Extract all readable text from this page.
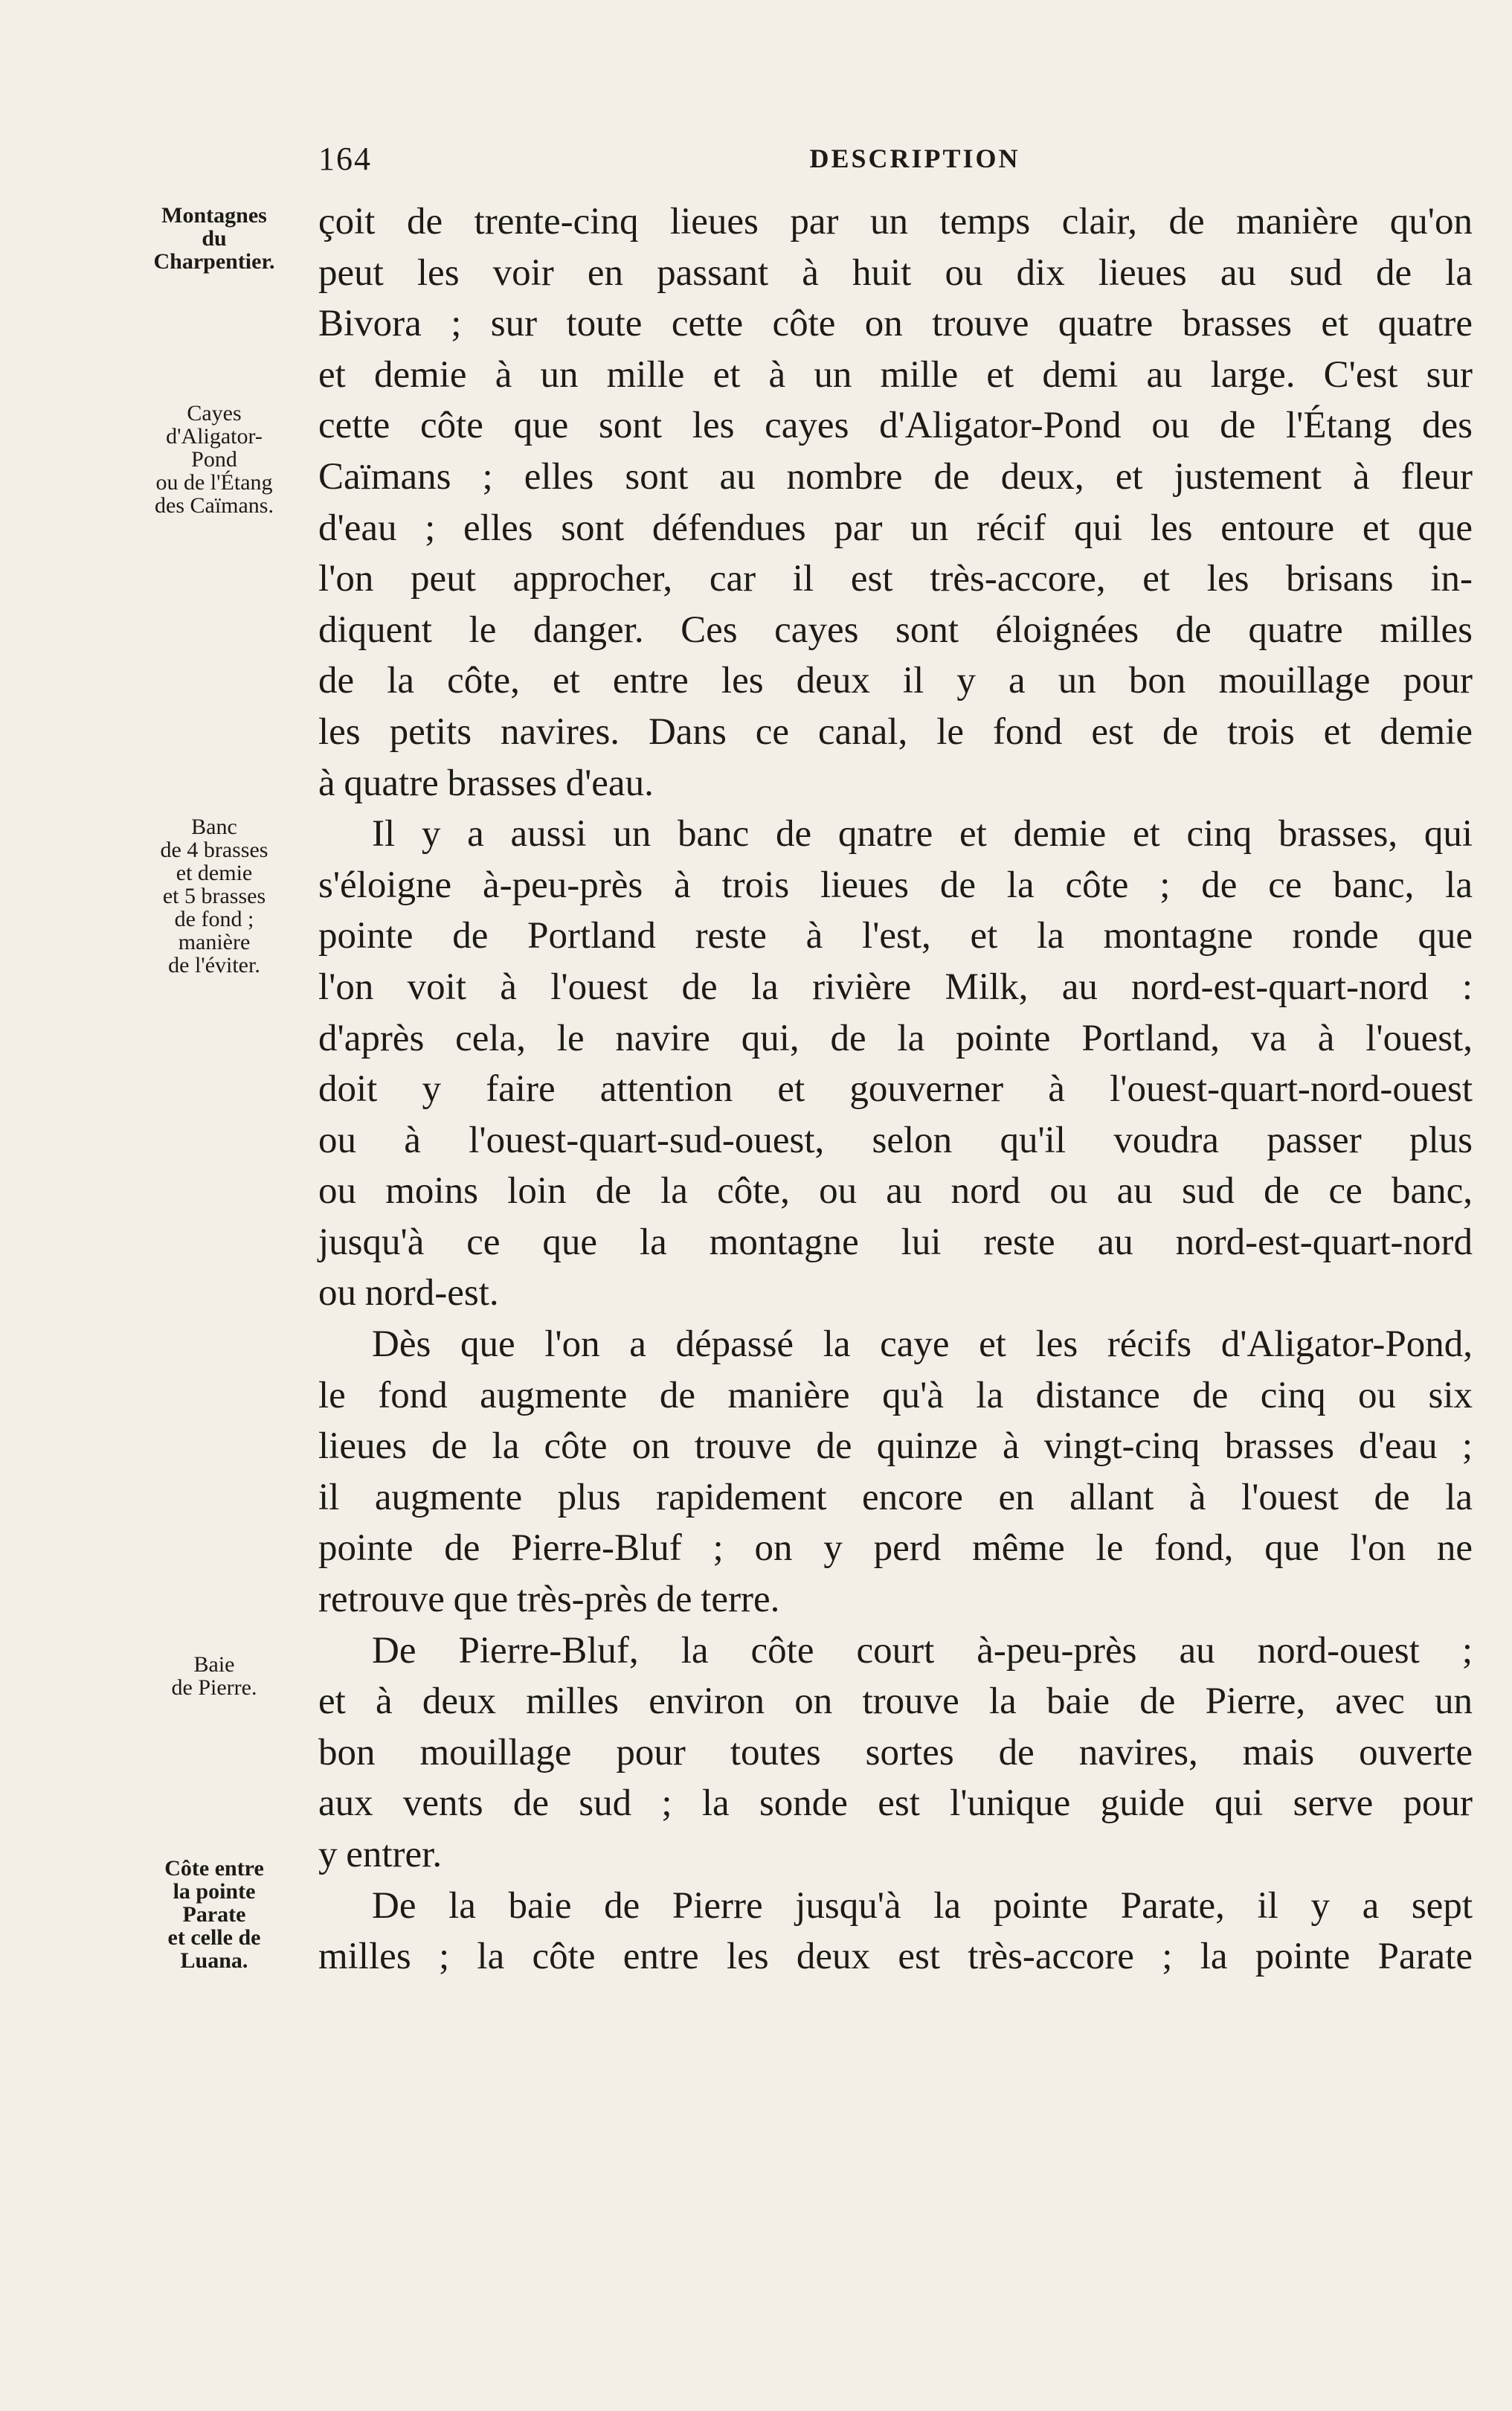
164	DESCRIPTION
Montagnes
du
Charpentier.
Cayes
d'Aligator-
Pond
ou de l'Étang
des Caïmans.
Banc
de 4 brasses
et demie
et 5 brasses
de fond ;
manière
de l'éviter.
Baie
de Pierre.
Côte entre
la pointe
Parate
et celle de
Luana.
çoit de trente-cinq lieues par un temps clair, de manière qu'on
peut les voir en passant à huit ou dix lieues au sud de la
Bivora ; sur toute cette côte on trouve quatre brasses et quatre
et demie à un mille et à un mille et demi au large. C'est sur
cette côte que sont les cayes d'Aligator-Pond ou de l'Étang des
Caïmans ; elles sont au nombre de deux, et justement à fleur
d'eau ; elles sont défendues par un récif qui les entoure et que
l'on peut approcher, car il est très-accore, et les brisans in-
diquent le danger. Ces cayes sont éloignées de quatre milles
de la côte, et entre les deux il y a un bon mouillage pour
les petits navires. Dans ce canal, le fond est de trois et demie
à quatre brasses d'eau.
Il y a aussi un banc de qnatre et demie et cinq brasses, qui
s'éloigne à-peu-près à trois lieues de la côte ; de ce banc, la
pointe de Portland reste à l'est, et la montagne ronde que
l'on voit à l'ouest de la rivière Milk, au nord-est-quart-nord :
d'après cela, le navire qui, de la pointe Portland, va à l'ouest,
doit y faire attention et gouverner à l'ouest-quart-nord-ouest
ou à l'ouest-quart-sud-ouest, selon qu'il voudra passer plus
ou moins loin de la côte, ou au nord ou au sud de ce banc,
jusqu'à ce que la montagne lui reste au nord-est-quart-nord
ou nord-est.
Dès que l'on a dépassé la caye et les récifs d'Aligator-Pond,
le fond augmente de manière qu'à la distance de cinq ou six
lieues de la côte on trouve de quinze à vingt-cinq brasses d'eau ;
il augmente plus rapidement encore en allant à l'ouest de la
pointe de Pierre-Bluf ; on y perd même le fond, que l'on ne
retrouve que très-près de terre.
De Pierre-Bluf, la côte court à-peu-près au nord-ouest ;
et à deux milles environ on trouve la baie de Pierre, avec un
bon mouillage pour toutes sortes de navires, mais ouverte
aux vents de sud ; la sonde est l'unique guide qui serve pour
y entrer.
De la baie de Pierre jusqu'à la pointe Parate, il y a sept
milles ; la côte entre les deux est très-accore ; la pointe Parate
